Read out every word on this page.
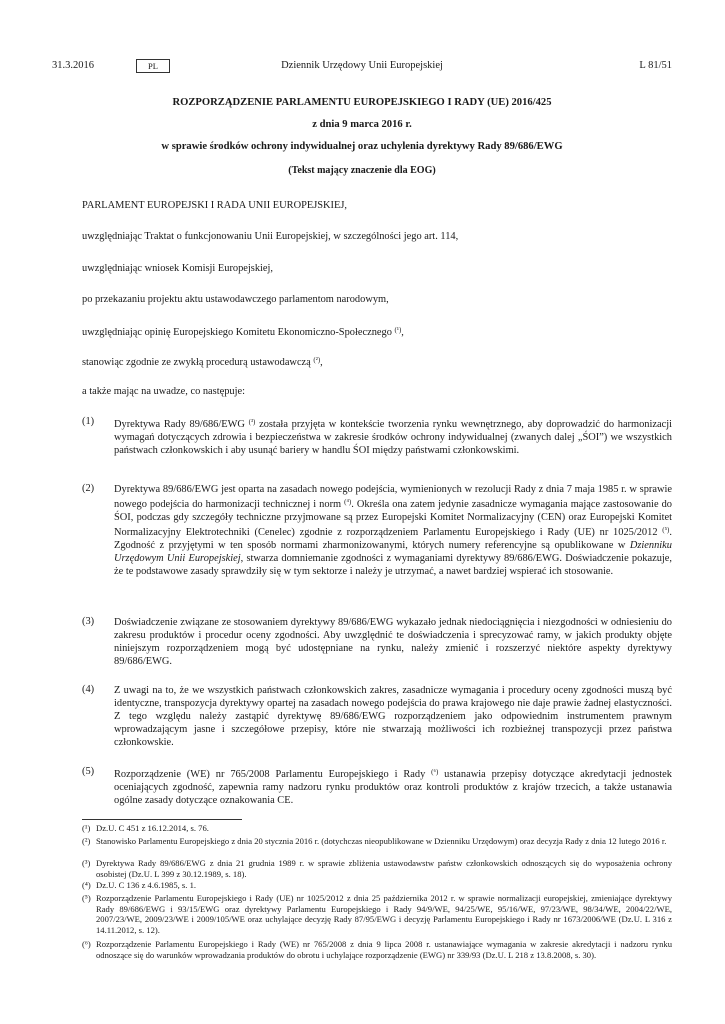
31.3.2016	Dziennik Urzędowy Unii Europejskiej
PL	L 81/51
ROZPORZĄDZENIE PARLAMENTU EUROPEJSKIEGO I RADY (UE) 2016/425
z dnia 9 marca 2016 r.
w sprawie środków ochrony indywidualnej oraz uchylenia dyrektywy Rady 89/686/EWG
(Tekst mający znaczenie dla EOG)
PARLAMENT EUROPEJSKI I RADA UNII EUROPEJSKIEJ,
uwzględniając Traktat o funkcjonowaniu Unii Europejskiej, w szczególności jego art. 114,
uwzględniając wniosek Komisji Europejskiej,
po przekazaniu projektu aktu ustawodawczego parlamentom narodowym,
uwzględniając opinię Europejskiego Komitetu Ekonomiczno-Społecznego $^{(^1)}$,
stanowiąc zgodnie ze zwykłą procedurą ustawodawczą $^{(^2)}$,
a także mając na uwadze, co następuje:
(1) Dyrektywa Rady 89/686/EWG $^{(^3)}$ została przyjęta w kontekście tworzenia rynku wewnętrznego, aby doprowadzić do harmonizacji wymagań dotyczących zdrowia i bezpieczeństwa w zakresie środków ochrony indywidualnej (zwanych dalej „ŚOI”) we wszystkich państwach członkowskich i aby usunąć bariery w handlu ŚOI między państwami członkowskimi.
(2) Dyrektywa 89/686/EWG jest oparta na zasadach nowego podejścia, wymienionych w rezolucji Rady z dnia 7 maja 1985 r. w sprawie nowego podejścia do harmonizacji technicznej i norm $^{(^4)}$. Określa ona zatem jedynie zasadnicze wymagania mające zastosowanie do ŚOI, podczas gdy szczegóły techniczne przyjmowane są przez Europejski Komitet Normalizacyjny (CEN) oraz Europejski Komitet Normalizacyjny Elektrotechniki (Cenelec) zgodnie z rozporządzeniem Parlamentu Europejskiego i Rady (UE) nr 1025/2012 $^{(^5)}$. Zgodność z przyjętymi w ten sposób normami zharmonizowanymi, których numery referencyjne są opublikowane w Dzienniku Urzędowym Unii Europejskiej, stwarza domniemanie zgodności z wymaganiami dyrektywy 89/686/EWG. Doświadczenie pokazuje, że te podstawowe zasady sprawdziły się w tym sektorze i należy je utrzymać, a nawet bardziej wspierać ich stosowanie.
(3) Doświadczenie związane ze stosowaniem dyrektywy 89/686/EWG wykazało jednak niedociągnięcia i niezgodności w odniesieniu do zakresu produktów i procedur oceny zgodności. Aby uwzględnić te doświadczenia i sprecyzować ramy, w jakich produkty objęte niniejszym rozporządzeniem mogą być udostępniane na rynku, należy zmienić i rozszerzyć niektóre aspekty dyrektywy 89/686/EWG.
(4) Z uwagi na to, że we wszystkich państwach członkowskich zakres, zasadnicze wymagania i procedury oceny zgodności muszą być identyczne, transpozycja dyrektywy opartej na zasadach nowego podejścia do prawa krajowego nie daje prawie żadnej elastyczności. Z tego względu należy zastąpić dyrektywę 89/686/EWG rozporządzeniem jako odpowiednim instrumentem prawnym wprowadzającym jasne i szczegółowe przepisy, które nie stwarzają możliwości ich rozbieżnej transpozycji przez państwa członkowskie.
(5) Rozporządzenie (WE) nr 765/2008 Parlamentu Europejskiego i Rady $^{(^6)}$ ustanawia przepisy dotyczące akredytacji jednostek oceniających zgodność, zapewnia ramy nadzoru rynku produktów oraz kontroli produktów z krajów trzecich, a także ustanawia ogólne zasady dotyczące oznakowania CE.
(¹) Dz.U. C 451 z 16.12.2014, s. 76.
(²) Stanowisko Parlamentu Europejskiego z dnia 20 stycznia 2016 r. (dotychczas nieopublikowane w Dzienniku Urzędowym) oraz decyzja Rady z dnia 12 lutego 2016 r.
(³) Dyrektywa Rady 89/686/EWG z dnia 21 grudnia 1989 r. w sprawie zbliżenia ustawodawstw państw członkowskich odnoszących się do wyposażenia ochrony osobistej (Dz.U. L 399 z 30.12.1989, s. 18).
(⁴) Dz.U. C 136 z 4.6.1985, s. 1.
(⁵) Rozporządzenie Parlamentu Europejskiego i Rady (UE) nr 1025/2012 z dnia 25 października 2012 r. w sprawie normalizacji europejskiej, zmieniające dyrektywy Rady 89/686/EWG i 93/15/EWG oraz dyrektywy Parlamentu Europejskiego i Rady 94/9/WE, 94/25/WE, 95/16/WE, 97/23/WE, 98/34/WE, 2004/22/WE, 2007/23/WE, 2009/23/WE i 2009/105/WE oraz uchylające decyzję Rady 87/95/EWG i decyzję Parlamentu Europejskiego i Rady nr 1673/2006/WE (Dz.U. L 316 z 14.11.2012, s. 12).
(⁶) Rozporządzenie Parlamentu Europejskiego i Rady (WE) nr 765/2008 z dnia 9 lipca 2008 r. ustanawiające wymagania w zakresie akredytacji i nadzoru rynku odnoszące się do warunków wprowadzania produktów do obrotu i uchylające rozporządzenie (EWG) nr 339/93 (Dz.U. L 218 z 13.8.2008, s. 30).
